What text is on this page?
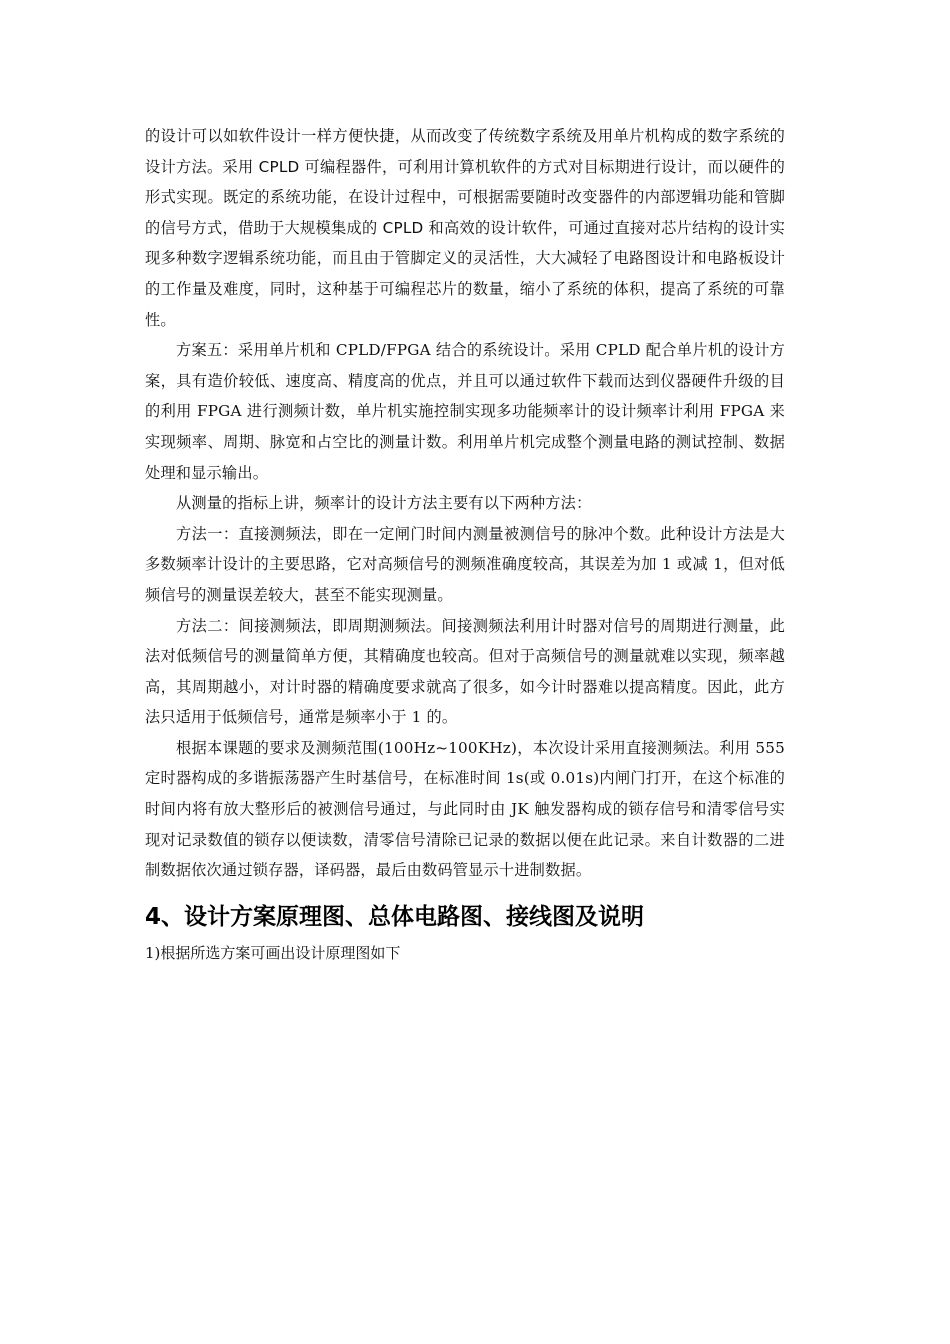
的设计可以如软件设计一样方便快捷，从而改变了传统数字系统及用单片机构成的数字系统的设计方法。采用 CPLD 可编程器件，可利用计算机软件的方式对目标期进行设计，而以硬件的形式实现。既定的系统功能，在设计过程中，可根据需要随时改变器件的内部逻辑功能和管脚的信号方式，借助于大规模集成的 CPLD 和高效的设计软件，可通过直接对芯片结构的设计实现多种数字逻辑系统功能，而且由于管脚定义的灵活性，大大减轻了电路图设计和电路板设计的工作量及难度，同时，这种基于可编程芯片的数量，缩小了系统的体积，提高了系统的可靠性。

方案五：采用单片机和 CPLD/FPGA 结合的系统设计。采用 CPLD 配合单片机的设计方案，具有造价较低、速度高、精度高的优点，并且可以通过软件下载而达到仪器硬件升级的目的利用 FPGA 进行测频计数，单片机实施控制实现多功能频率计的设计频率计利用 FPGA 来实现频率、周期、脉宽和占空比的测量计数。利用单片机完成整个测量电路的测试控制、数据处理和显示输出。

从测量的指标上讲，频率计的设计方法主要有以下两种方法：

方法一：直接测频法，即在一定闸门时间内测量被测信号的脉冲个数。此种设计方法是大多数频率计设计的主要思路，它对高频信号的测频准确度较高，其误差为加 1 或减 1，但对低频信号的测量误差较大，甚至不能实现测量。

方法二：间接测频法，即周期测频法。间接测频法利用计时器对信号的周期进行测量，此法对低频信号的测量简单方便，其精确度也较高。但对于高频信号的测量就难以实现，频率越高，其周期越小，对计时器的精确度要求就高了很多，如今计时器难以提高精度。因此，此方法只适用于低频信号，通常是频率小于 1 的。

根据本课题的要求及测频范围(100Hz~100KHz)，本次设计采用直接测频法。利用 555 定时器构成的多谐振荡器产生时基信号，在标准时间 1s(或 0.01s)内闸门打开，在这个标准的时间内将有放大整形后的被测信号通过，与此同时由 JK 触发器构成的锁存信号和清零信号实现对记录数值的锁存以便读数，清零信号清除已记录的数据以便在此记录。来自计数器的二进制数据依次通过锁存器，译码器，最后由数码管显示十进制数据。

4、设计方案原理图、总体电路图、接线图及说明

1)根据所选方案可画出设计原理图如下
